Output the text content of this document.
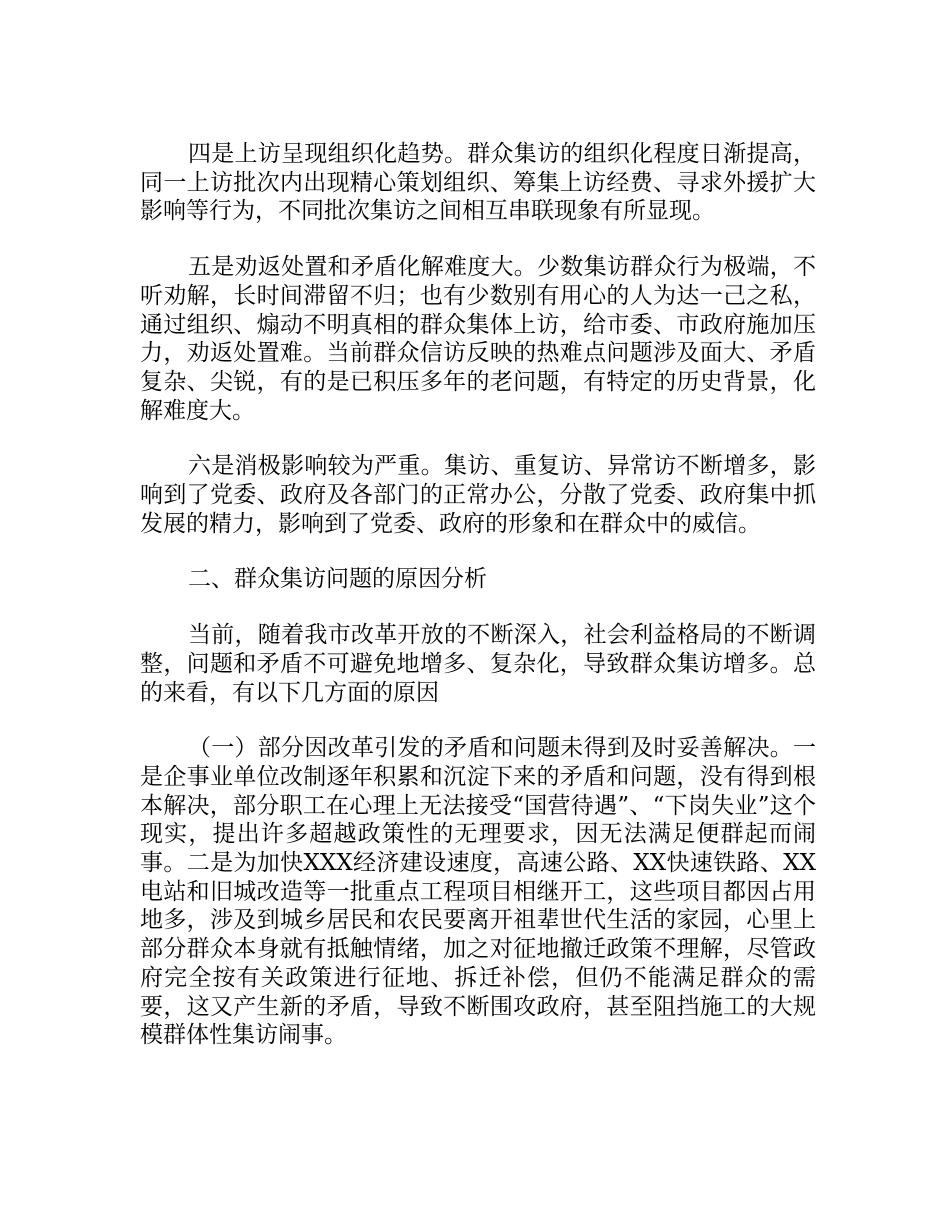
四是上访呈现组织化趋势。群众集访的组织化程度日渐提高，同一上访批次内出现精心策划组织、筹集上访经费、寻求外援扩大影响等行为，不同批次集访之间相互串联现象有所显现。

五是劝返处置和矛盾化解难度大。少数集访群众行为极端，不听劝解，长时间滞留不归；也有少数别有用心的人为达一己之私，通过组织、煽动不明真相的群众集体上访，给市委、市政府施加压力，劝返处置难。当前群众信访反映的热难点问题涉及面大、矛盾复杂、尖锐，有的是已积压多年的老问题，有特定的历史背景，化解难度大。

六是消极影响较为严重。集访、重复访、异常访不断增多，影响到了党委、政府及各部门的正常办公，分散了党委、政府集中抓发展的精力，影响到了党委、政府的形象和在群众中的威信。

二、群众集访问题的原因分析

当前，随着我市改革开放的不断深入，社会利益格局的不断调整，问题和矛盾不可避免地增多、复杂化，导致群众集访增多。总的来看，有以下几方面的原因

（一）部分因改革引发的矛盾和问题未得到及时妥善解决。一是企事业单位改制逐年积累和沉淀下来的矛盾和问题，没有得到根本解决，部分职工在心理上无法接受“国营待遇”、“下岗失业”这个现实，提出许多超越政策性的无理要求，因无法满足便群起而闹事。二是为加快XXX经济建设速度，高速公路、XX快速铁路、XX电站和旧城改造等一批重点工程项目相继开工，这些项目都因占用地多，涉及到城乡居民和农民要离开祖辈世代生活的家园，心里上部分群众本身就有抵触情绪，加之对征地撤迁政策不理解，尽管政府完全按有关政策进行征地、拆迁补偿，但仍不能满足群众的需要，这又产生新的矛盾，导致不断围攻政府，甚至阻挡施工的大规模群体性集访闹事。
